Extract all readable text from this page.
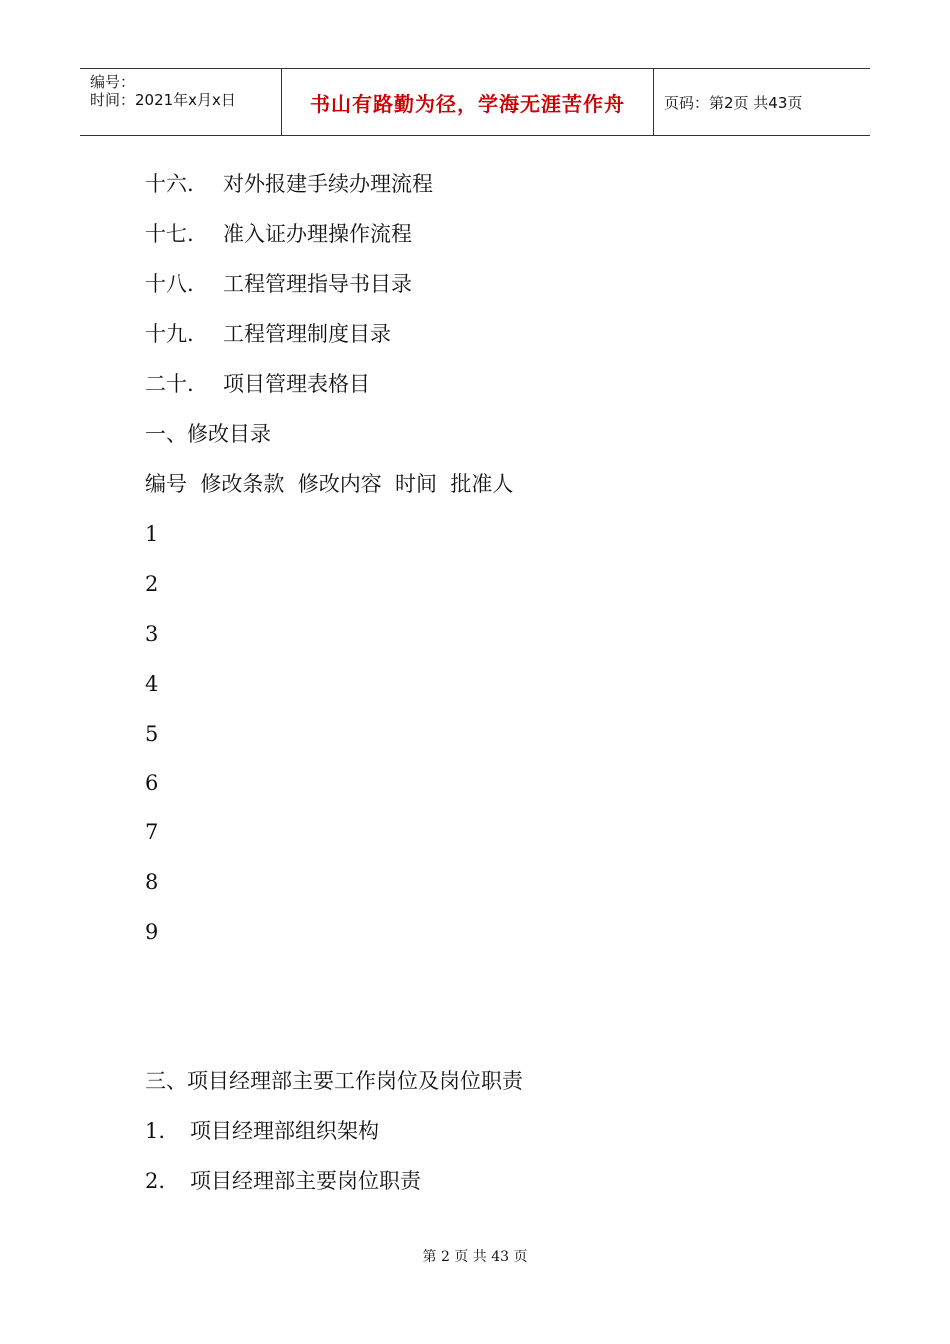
编号：
时间：2021年x月x日	书山有路勤为径，学海无涯苦作舟	页码：第2页 共43页
十六. 对外报建手续办理流程
十七. 准入证办理操作流程
十八. 工程管理指导书目录
十九. 工程管理制度目录
二十. 项目管理表格目
一、修改目录
编号  修改条款  修改内容  时间  批准人
1
2
3
4
5
6
7
8
9
三、项目经理部主要工作岗位及岗位职责
1. 项目经理部组织架构
2. 项目经理部主要岗位职责
第 2 页 共 43 页
